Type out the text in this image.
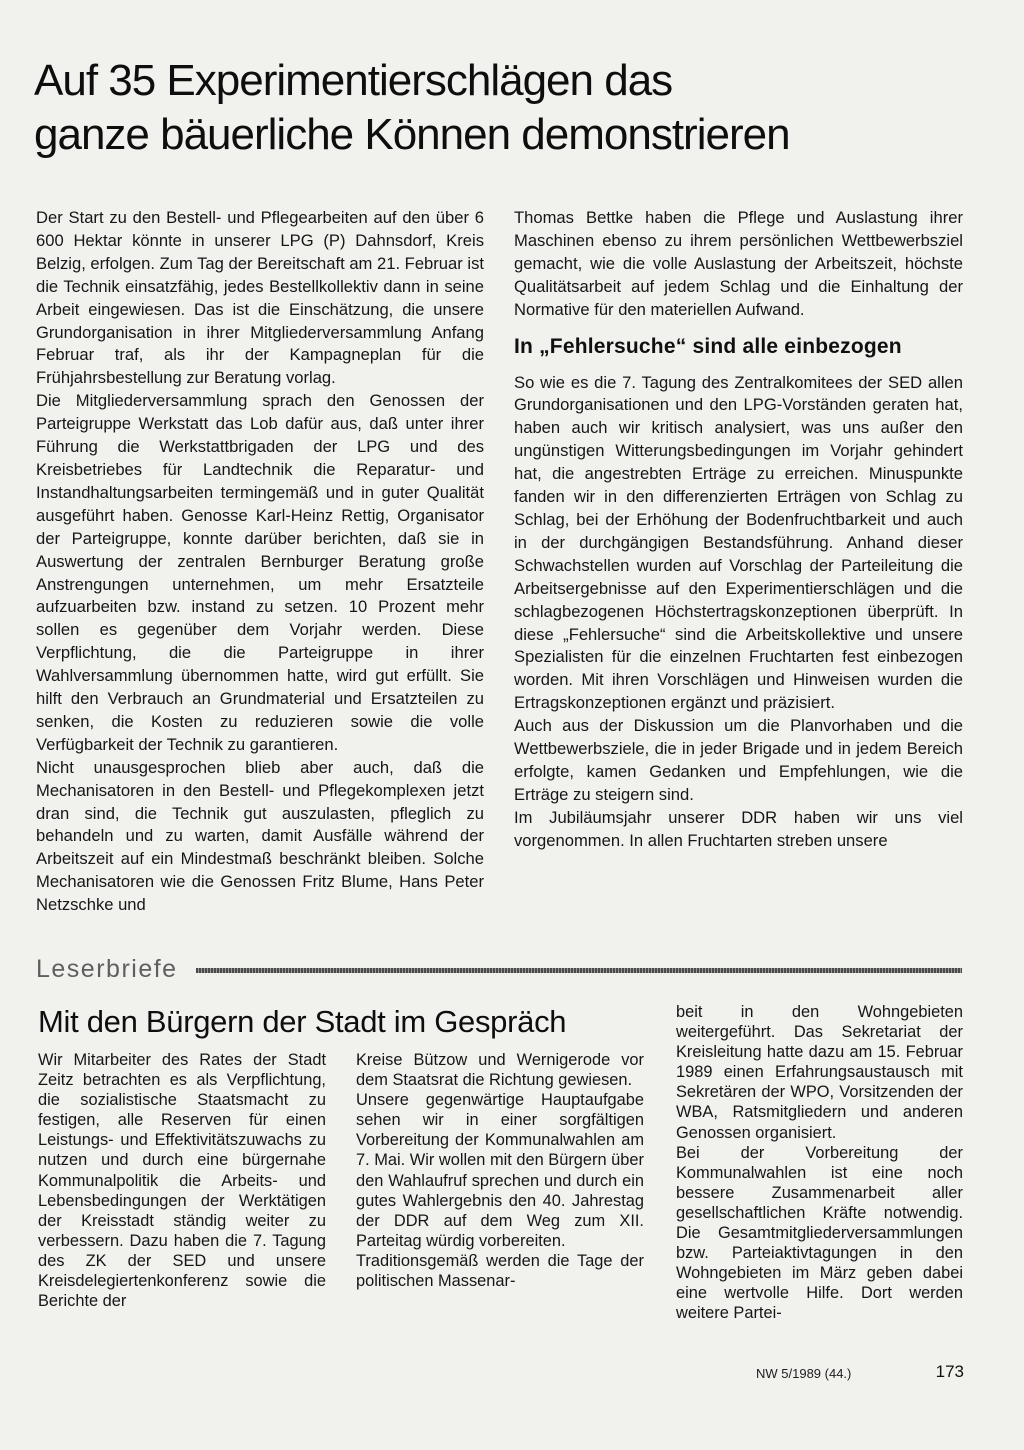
Auf 35 Experimentierschlägen das
ganze bäuerliche Können demonstrieren

Der Start zu den Bestell- und Pflegearbeiten auf den über 6 600 Hektar könnte in unserer LPG (P) Dahnsdorf, Kreis Belzig, erfolgen. Zum Tag der Bereitschaft am 21. Februar ist die Technik einsatzfähig, jedes Bestellkollektiv dann in seine Arbeit eingewiesen. Das ist die Einschätzung, die unsere Grundorganisation in ihrer Mitgliederversammlung Anfang Februar traf, als ihr der Kampagneplan für die Frühjahrsbestellung zur Beratung vorlag.

Die Mitgliederversammlung sprach den Genossen der Parteigruppe Werkstatt das Lob dafür aus, daß unter ihrer Führung die Werkstattbrigaden der LPG und des Kreisbetriebes für Landtechnik die Reparatur- und Instandhaltungsarbeiten termingemäß und in guter Qualität ausgeführt haben. Genosse Karl-Heinz Rettig, Organisator der Parteigruppe, konnte darüber berichten, daß sie in Auswertung der zentralen Bernburger Beratung große Anstrengungen unternehmen, um mehr Ersatzteile aufzuarbeiten bzw. instand zu setzen. 10 Prozent mehr sollen es gegenüber dem Vorjahr werden. Diese Verpflichtung, die die Parteigruppe in ihrer Wahlversammlung übernommen hatte, wird gut erfüllt. Sie hilft den Verbrauch an Grundmaterial und Ersatzteilen zu senken, die Kosten zu reduzieren sowie die volle Verfügbarkeit der Technik zu garantieren.

Nicht unausgesprochen blieb aber auch, daß die Mechanisatoren in den Bestell- und Pflegekomplexen jetzt dran sind, die Technik gut auszulasten, pfleglich zu behandeln und zu warten, damit Ausfälle während der Arbeitszeit auf ein Mindestmaß beschränkt bleiben. Solche Mechanisatoren wie die Genossen Fritz Blume, Hans Peter Netzschke und

Thomas Bettke haben die Pflege und Auslastung ihrer Maschinen ebenso zu ihrem persönlichen Wettbewerbsziel gemacht, wie die volle Auslastung der Arbeitszeit, höchste Qualitätsarbeit auf jedem Schlag und die Einhaltung der Normative für den materiellen Aufwand.

In „Fehlersuche“ sind alle einbezogen

So wie es die 7. Tagung des Zentralkomitees der SED allen Grundorganisationen und den LPG-Vorständen geraten hat, haben auch wir kritisch analysiert, was uns außer den ungünstigen Witterungsbedingungen im Vorjahr gehindert hat, die angestrebten Erträge zu erreichen. Minuspunkte fanden wir in den differenzierten Erträgen von Schlag zu Schlag, bei der Erhöhung der Bodenfruchtbarkeit und auch in der durchgängigen Bestandsführung. Anhand dieser Schwachstellen wurden auf Vorschlag der Parteileitung die Arbeitsergebnisse auf den Experimentierschlägen und die schlagbezogenen Höchstertragskonzeptionen überprüft. In diese „Fehlersuche“ sind die Arbeitskollektive und unsere Spezialisten für die einzelnen Fruchtarten fest einbezogen worden. Mit ihren Vorschlägen und Hinweisen wurden die Ertragskonzeptionen ergänzt und präzisiert.

Auch aus der Diskussion um die Planvorhaben und die Wettbewerbsziele, die in jeder Brigade und in jedem Bereich erfolgte, kamen Gedanken und Empfehlungen, wie die Erträge zu steigern sind.

Im Jubiläumsjahr unserer DDR haben wir uns viel vorgenommen. In allen Fruchtarten streben unsere

Leserbriefe
Mit den Bürgern der Stadt im Gespräch

Wir Mitarbeiter des Rates der Stadt Zeitz betrachten es als Verpflichtung, die sozialistische Staatsmacht zu festigen, alle Reserven für einen Leistungs- und Effektivitätszuwachs zu nutzen und durch eine bürgernahe Kommunalpolitik die Arbeits- und Lebensbedingungen der Werktätigen der Kreisstadt ständig weiter zu verbessern. Dazu haben die 7. Tagung des ZK der SED und unsere Kreisdelegiertenkonferenz sowie die Berichte der

Kreise Bützow und Wernigerode vor dem Staatsrat die Richtung gewiesen.

Unsere gegenwärtige Hauptaufgabe sehen wir in einer sorgfältigen Vorbereitung der Kommunalwahlen am 7. Mai. Wir wollen mit den Bürgern über den Wahlaufruf sprechen und durch ein gutes Wahlergebnis den 40. Jahrestag der DDR auf dem Weg zum XII. Parteitag würdig vorbereiten.

Traditionsgemäß werden die Tage der politischen Massenar-

beit in den Wohngebieten weitergeführt. Das Sekretariat der Kreisleitung hatte dazu am 15. Februar 1989 einen Erfahrungsaustausch mit Sekretären der WPO, Vorsitzenden der WBA, Ratsmitgliedern und anderen Genossen organisiert.

Bei der Vorbereitung der Kommunalwahlen ist eine noch bessere Zusammenarbeit aller gesellschaftlichen Kräfte notwendig. Die Gesamtmitgliederversammlungen bzw. Parteiaktivtagungen in den Wohngebieten im März geben dabei eine wertvolle Hilfe. Dort werden weitere Partei-

NW 5/1989 (44.)	173
